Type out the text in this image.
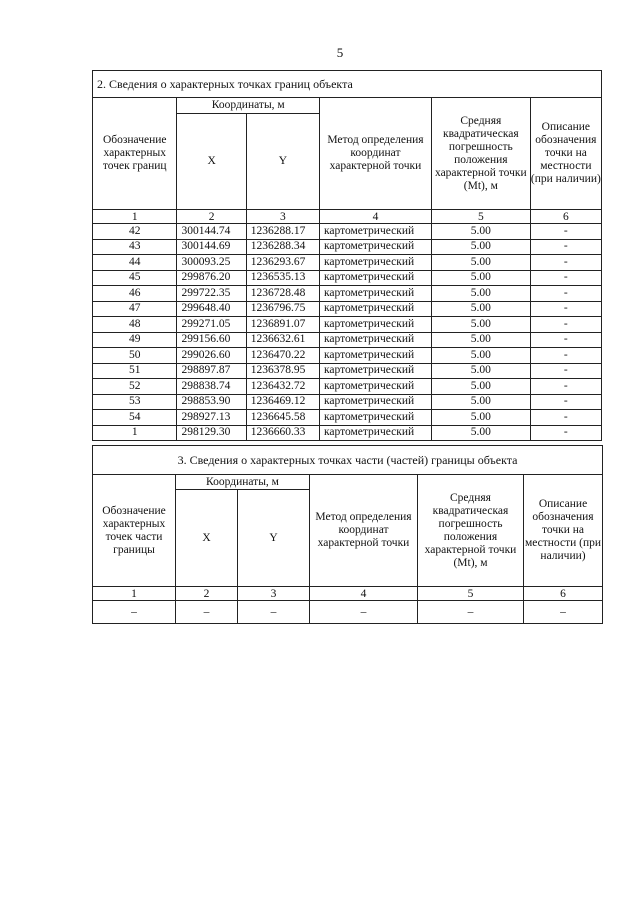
5
2. Сведения о характерных точках границ объекта					
Обозначение характерных точек границ	Координаты, м		Метод определения координат характерной точки	Средняя квадратическая погрешность положения характерной точки (Mt), м	Описание обозначения точки на местности (при наличии)
	X	Y			
1	2	3	4	5	6
42	300144.74	1236288.17	картометрический	5.00	-
43	300144.69	1236288.34	картометрический	5.00	-
44	300093.25	1236293.67	картометрический	5.00	-
45	299876.20	1236535.13	картометрический	5.00	-
46	299722.35	1236728.48	картометрический	5.00	-
47	299648.40	1236796.75	картометрический	5.00	-
48	299271.05	1236891.07	картометрический	5.00	-
49	299156.60	1236632.61	картометрический	5.00	-
50	299026.60	1236470.22	картометрический	5.00	-
51	298897.87	1236378.95	картометрический	5.00	-
52	298838.74	1236432.72	картометрический	5.00	-
53	298853.90	1236469.12	картометрический	5.00	-
54	298927.13	1236645.58	картометрический	5.00	-
1	298129.30	1236660.33	картометрический	5.00	-
3. Сведения о характерных точках части (частей) границы объекта					
Обозначение характерных точек части границы	Координаты, м		Метод определения координат характерной точки	Средняя квадратическая погрешность положения характерной точки (Mt), м	Описание обозначения точки на местности (при наличии)
	X	Y			
1	2	3	4	5	6
–	–	–	–	–	–
